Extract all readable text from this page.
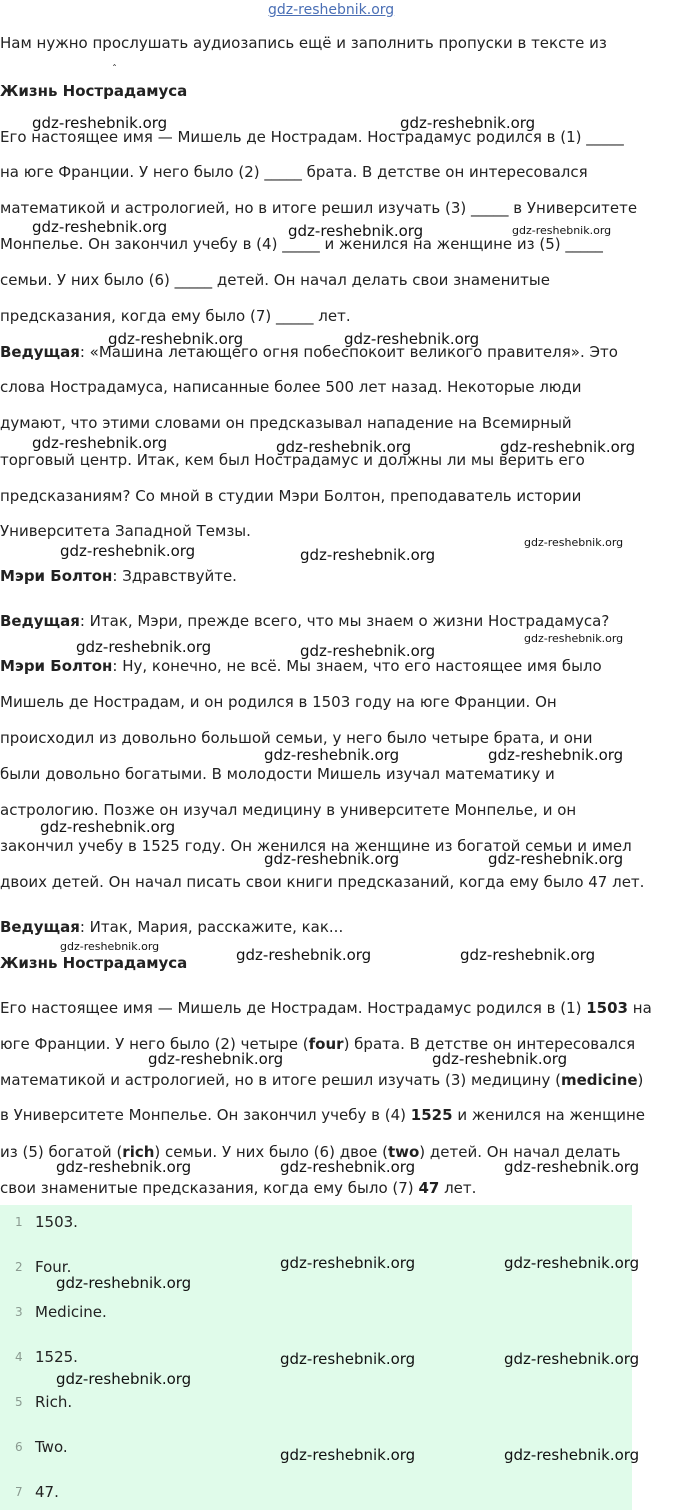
gdz-reshebnik.org
Нам нужно прослушать аудиозапись ещё и заполнить пропуски в тексте из
ˆ
Жизнь Нострадамуса
Его настоящее имя — Мишель де Нострадам. Нострадамус родился в (1) _____
на юге Франции. У него было (2) _____ брата. В детстве он интересовался
математикой и астрологией, но в итоге решил изучать (3) _____ в Университете
Монпелье. Он закончил учебу в (4) _____ и женился на женщине из (5) _____
семьи. У них было (6) _____ детей. Он начал делать свои знаменитые
предсказания, когда ему было (7) _____ лет.
Ведущая: «Машина летающего огня побеспокоит великого правителя». Это
слова Нострадамуса, написанные более 500 лет назад. Некоторые люди
думают, что этими словами он предсказывал нападение на Всемирный
торговый центр. Итак, кем был Нострадамус и должны ли мы верить его
предсказаниям? Со мной в студии Мэри Болтон, преподаватель истории
Университета Западной Темзы.
Мэри Болтон: Здравствуйте.
Ведущая: Итак, Мэри, прежде всего, что мы знаем о жизни Нострадамуса?
Мэри Болтон: Ну, конечно, не всё. Мы знаем, что его настоящее имя было
Мишель де Нострадам, и он родился в 1503 году на юге Франции. Он
происходил из довольно большой семьи, у него было четыре брата, и они
были довольно богатыми. В молодости Мишель изучал математику и
астрологию. Позже он изучал медицину в университете Монпелье, и он
закончил учебу в 1525 году. Он женился на женщине из богатой семьи и имел
двоих детей. Он начал писать свои книги предсказаний, когда ему было 47 лет.
Ведущая: Итак, Мария, расскажите, как...
Жизнь Нострадамуса
Его настоящее имя — Мишель де Нострадам. Нострадамус родился в (1) 1503 на
юге Франции. У него было (2) четыре (four) брата. В детстве он интересовался
математикой и астрологией, но в итоге решил изучать (3) медицину (medicine)
в Университете Монпелье. Он закончил учебу в (4) 1525 и женился на женщине
из (5) богатой (rich) семьи. У них было (6) двое (two) детей. Он начал делать
свои знаменитые предсказания, когда ему было (7) 47 лет.
1 1503.
2 Four.
3 Medicine.
4 1525.
5 Rich.
6 Two.
7 47.
gdz-reshebnik.org	gdz-reshebnik.org
gdz-reshebnik.org	gdz-reshebnik.org	gdz-reshebnik.org
gdz-reshebnik.org	gdz-reshebnik.org
gdz-reshebnik.org	gdz-reshebnik.org	gdz-reshebnik.org
gdz-reshebnik.org	gdz-reshebnik.org
gdz-reshebnik.org
gdz-reshebnik.org	gdz-reshebnik.org
gdz-reshebnik.org
gdz-reshebnik.org	gdz-reshebnik.org
gdz-reshebnik.org
gdz-reshebnik.org	gdz-reshebnik.org
gdz-reshebnik.org	gdz-reshebnik.org	gdz-reshebnik.org
gdz-reshebnik.org	gdz-reshebnik.org
gdz-reshebnik.org	gdz-reshebnik.org	gdz-reshebnik.org
gdz-reshebnik.org	gdz-reshebnik.org
gdz-reshebnik.org
gdz-reshebnik.org	gdz-reshebnik.org
gdz-reshebnik.org
gdz-reshebnik.org	gdz-reshebnik.org
